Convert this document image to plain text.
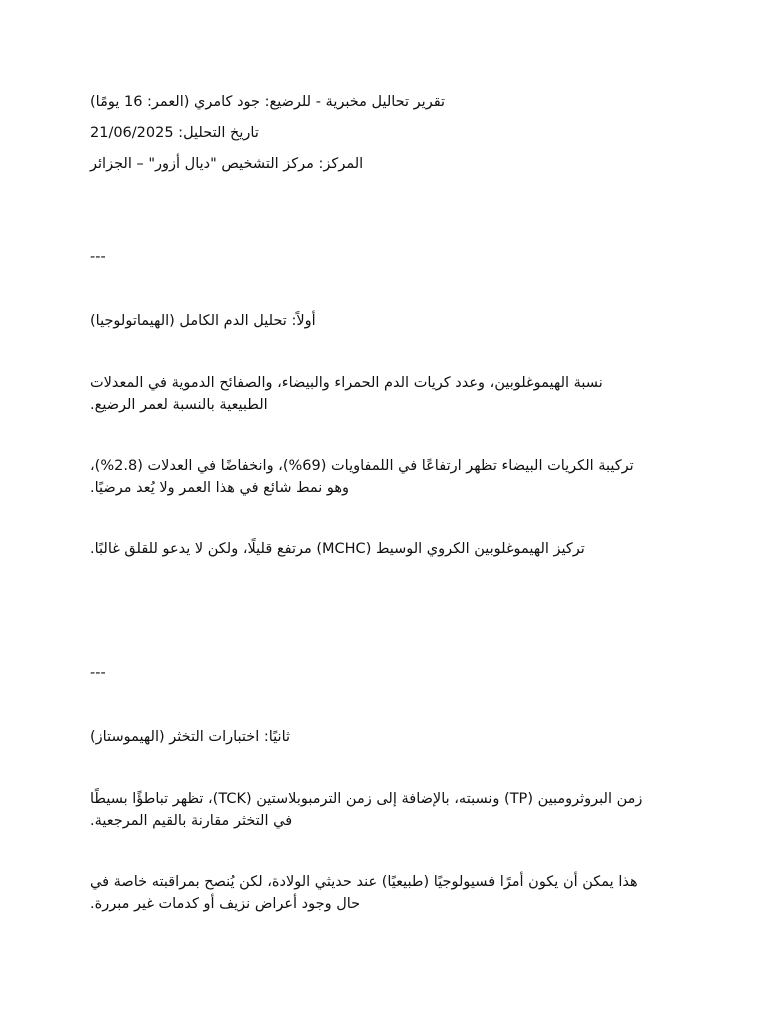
تقرير تحاليل مخبرية - للرضيع: جود كامري (العمر: 16 يومًا)
تاريخ التحليل: 21/06/2025
المركز: مركز التشخيص "ديال أزور" – الجزائر
---
أولاً: تحليل الدم الكامل (الهيماتولوجيا)
نسبة الهيموغلوبين، وعدد كريات الدم الحمراء والبيضاء، والصفائح الدموية في المعدلات
الطبيعية بالنسبة لعمر الرضيع.
تركيبة الكريات البيضاء تظهر ارتفاعًا في اللمفاويات (69%)، وانخفاضًا في العدلات (2.8%)،
وهو نمط شائع في هذا العمر ولا يُعد مرضيًا.
تركيز الهيموغلوبين الكروي الوسيط (MCHC) مرتفع قليلًا، ولكن لا يدعو للقلق غالبًا.
---
ثانيًا: اختبارات التخثر (الهيموستاز)
زمن البروثرومبين (TP) ونسبته، بالإضافة إلى زمن الترمبوبلاستين (TCK)، تظهر تباطؤًا بسيطًا
في التخثر مقارنة بالقيم المرجعية.
هذا يمكن أن يكون أمرًا فسيولوجيًا (طبيعيًا) عند حديثي الولادة، لكن يُنصح بمراقبته خاصة في
حال وجود أعراض نزيف أو كدمات غير مبررة.
